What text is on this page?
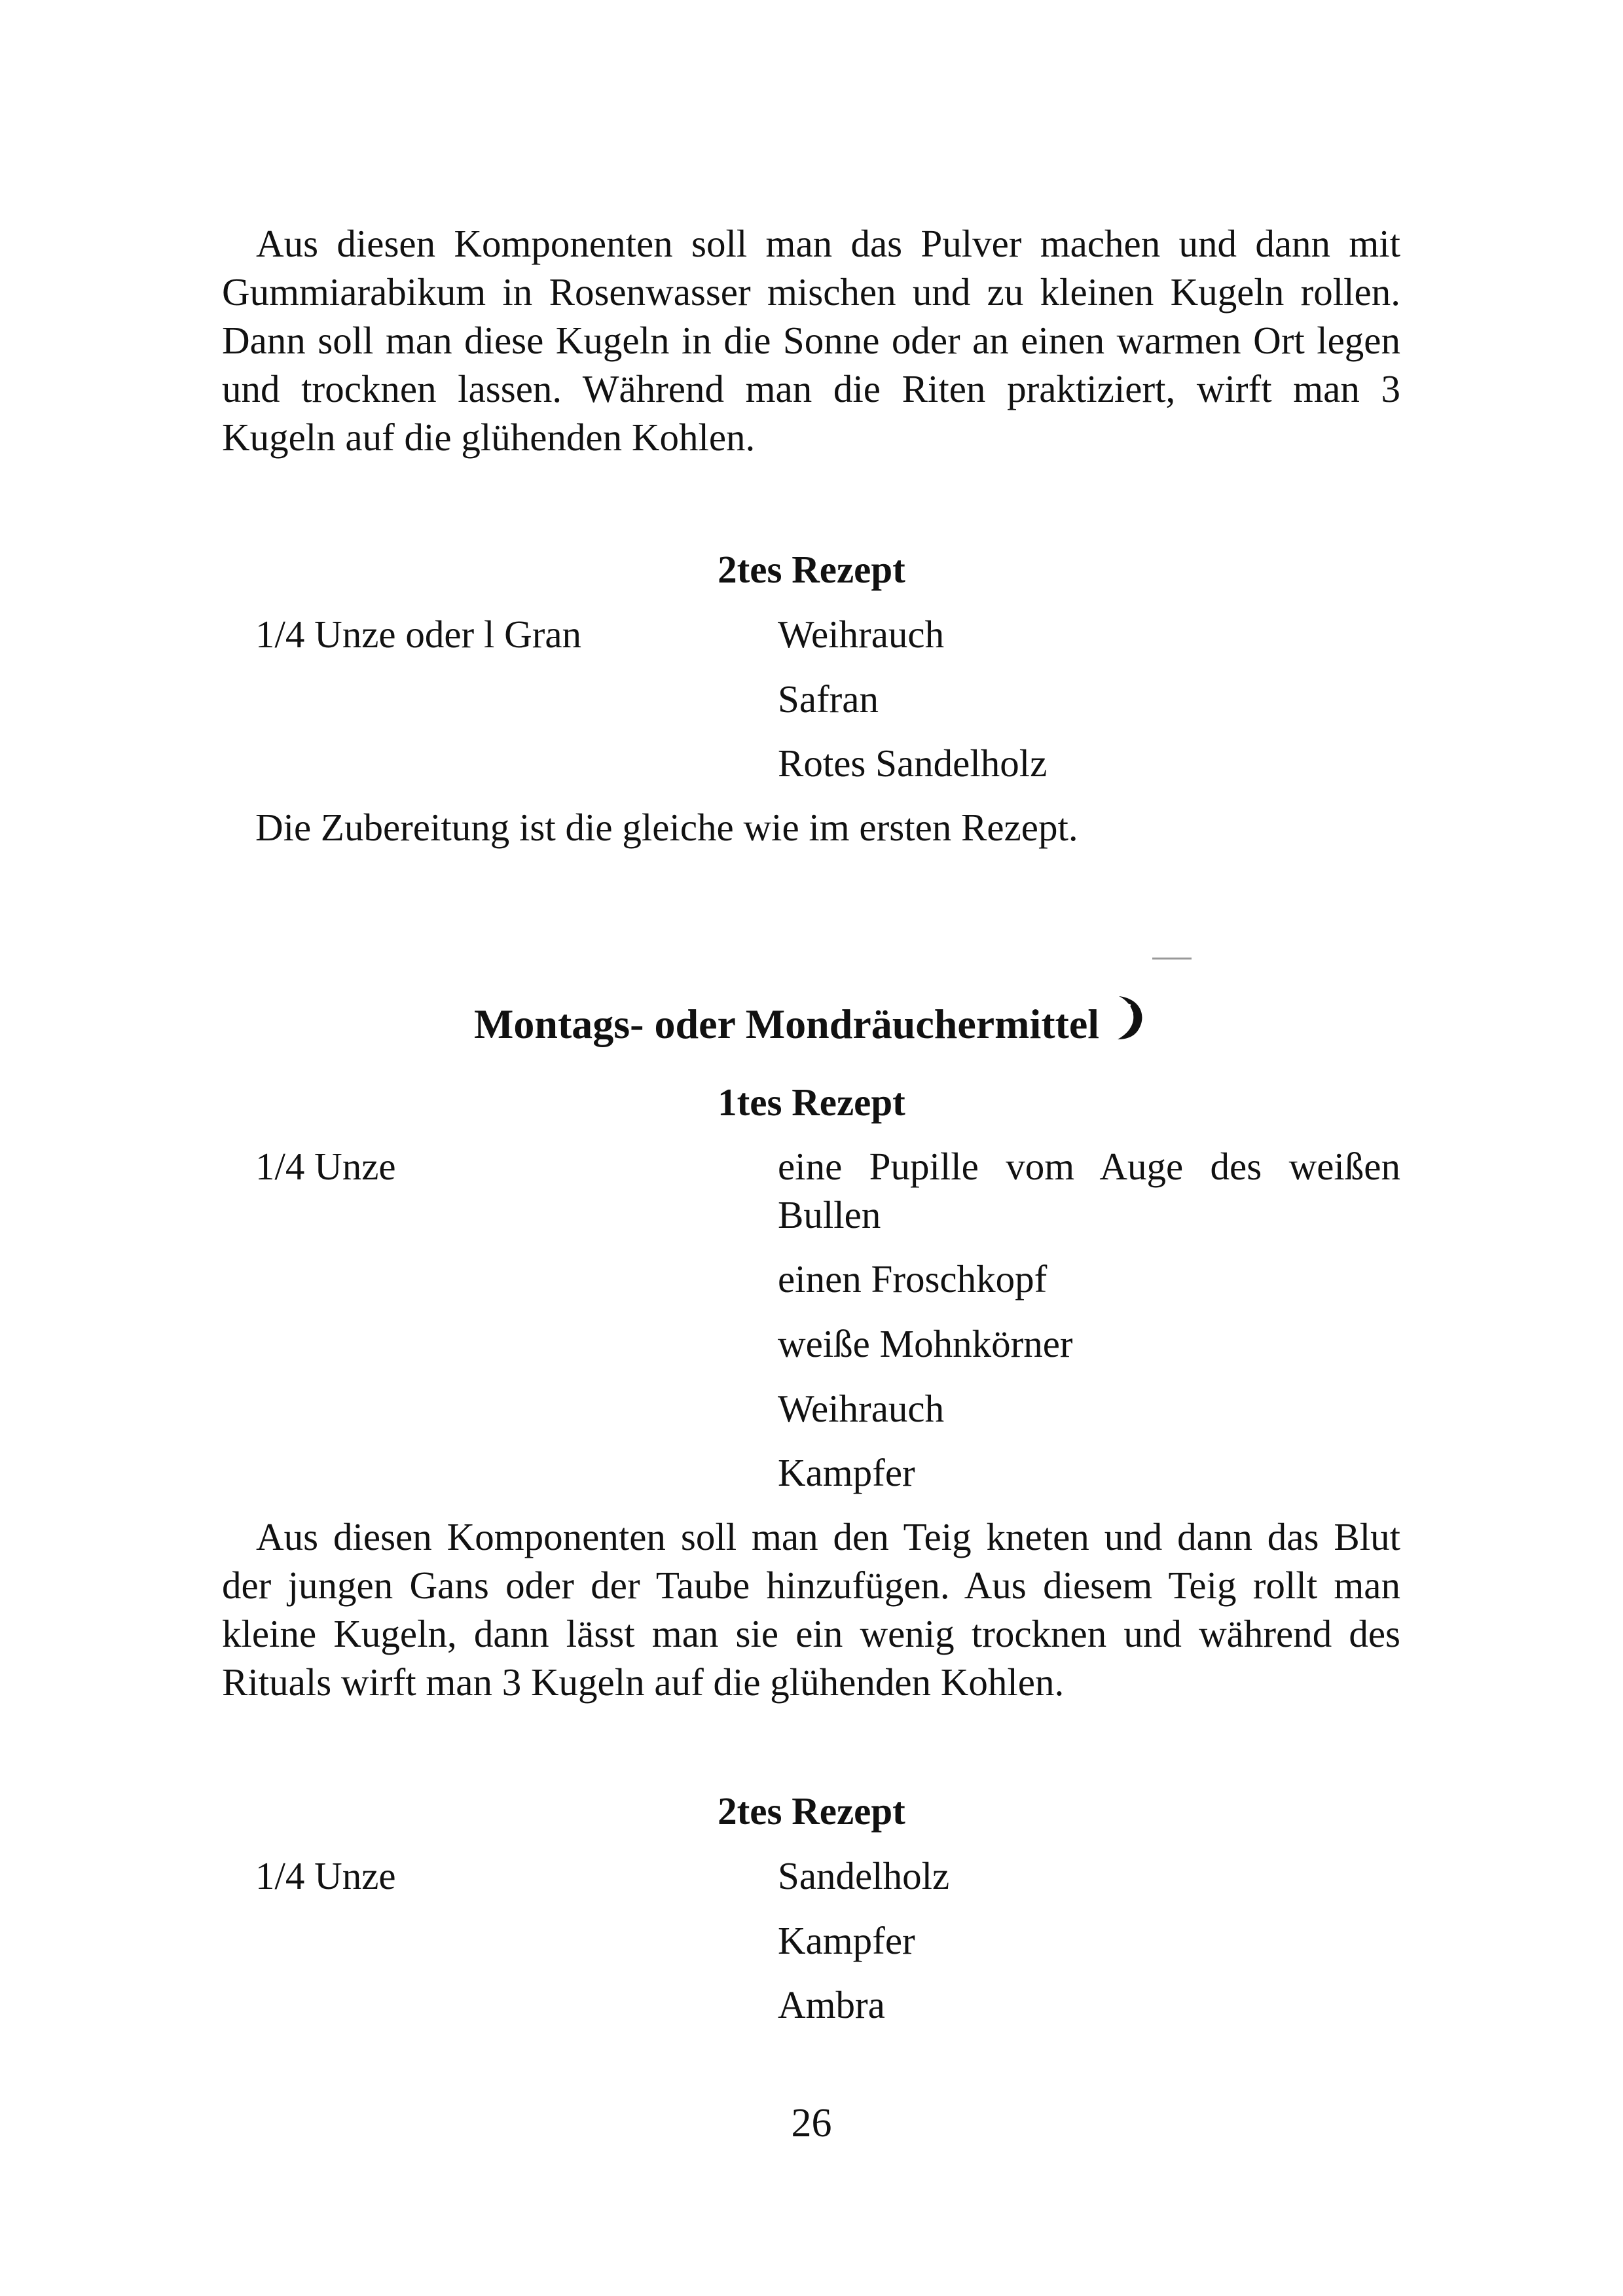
Aus diesen Komponenten soll man das Pulver machen und dann mit Gummiarabikum in Rosenwasser mischen und zu kleinen Kugeln rollen. Dann soll man diese Kugeln in die Sonne oder an einen warmen Ort legen und trocknen lassen. Während man die Riten praktiziert, wirft man 3 Kugeln auf die glühenden Kohlen.

2tes Rezept
1/4 Unze oder l Gran	Weihrauch
Safran
Rotes Sandelholz
Die Zubereitung ist die gleiche wie im ersten Rezept.
Montags- oder Mondräuchermittel
1tes Rezept
1/4 Unze	eine Pupille vom Auge des weißen Bullen
einen Froschkopf
weiße Mohnkörner
Weihrauch
Kampfer

Aus diesen Komponenten soll man den Teig kneten und dann das Blut der jungen Gans oder der Taube hinzufügen. Aus diesem Teig rollt man kleine Kugeln, dann lässt man sie ein wenig trocknen und während des Rituals wirft man 3 Kugeln auf die glühenden Kohlen.

2tes Rezept
1/4 Unze	Sandelholz
Kampfer
Ambra
26
